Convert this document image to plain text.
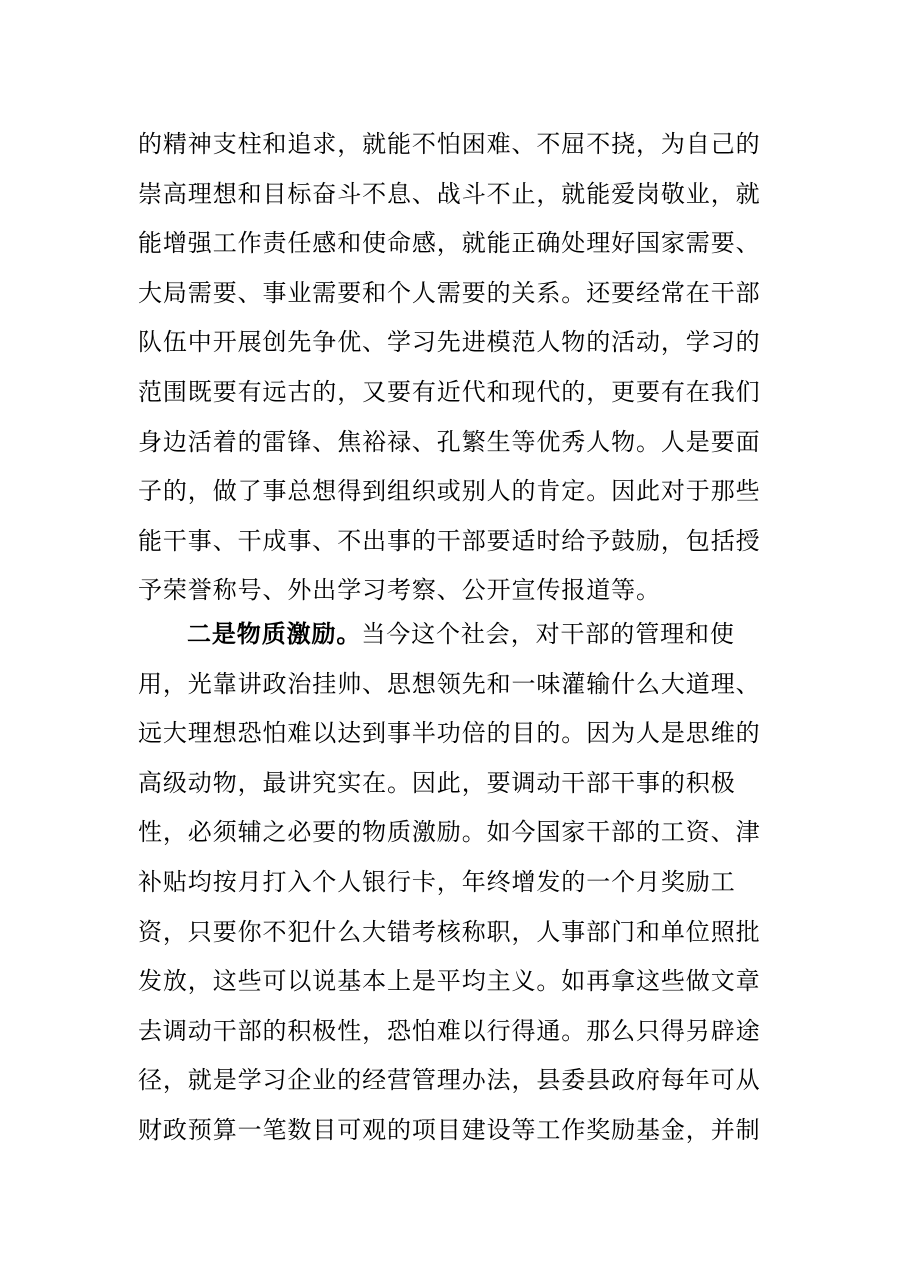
的精神支柱和追求，就能不怕困难、不屈不挠，为自己的
崇高理想和目标奋斗不息、战斗不止，就能爱岗敬业，就
能增强工作责任感和使命感，就能正确处理好国家需要、
大局需要、事业需要和个人需要的关系。还要经常在干部
队伍中开展创先争优、学习先进模范人物的活动，学习的
范围既要有远古的，又要有近代和现代的，更要有在我们
身边活着的雷锋、焦裕禄、孔繁生等优秀人物。人是要面
子的，做了事总想得到组织或别人的肯定。因此对于那些
能干事、干成事、不出事的干部要适时给予鼓励，包括授
予荣誉称号、外出学习考察、公开宣传报道等。
二是物质激励。当今这个社会，对干部的管理和使
用，光靠讲政治挂帅、思想领先和一味灌输什么大道理、
远大理想恐怕难以达到事半功倍的目的。因为人是思维的
高级动物，最讲究实在。因此，要调动干部干事的积极
性，必须辅之必要的物质激励。如今国家干部的工资、津
补贴均按月打入个人银行卡，年终增发的一个月奖励工
资，只要你不犯什么大错考核称职，人事部门和单位照批
发放，这些可以说基本上是平均主义。如再拿这些做文章
去调动干部的积极性，恐怕难以行得通。那么只得另辟途
径，就是学习企业的经营管理办法，县委县政府每年可从
财政预算一笔数目可观的项目建设等工作奖励基金，并制
